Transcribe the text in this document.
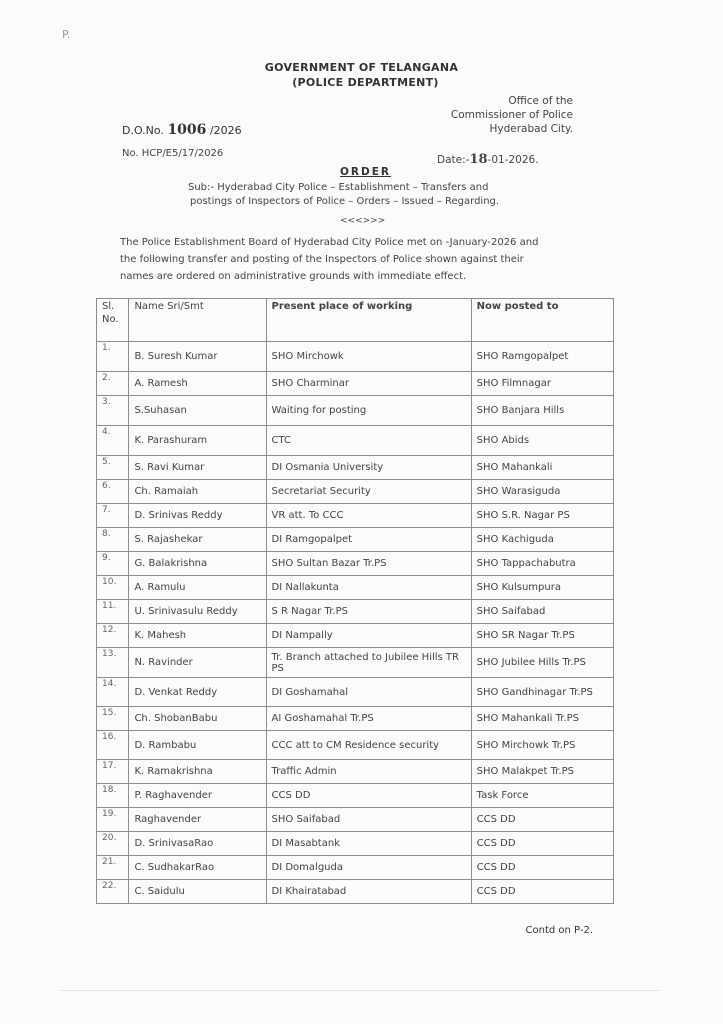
P.
GOVERNMENT OF TELANGANA
(POLICE DEPARTMENT)
Office of the
Commissioner of Police
Hyderabad City.
D.O.No. 1006 /2026
No. HCP/E5/17/2026
Date:-18-01-2026.
ORDER
Sub:- Hyderabad City Police – Establishment – Transfers and
postings of Inspectors of Police – Orders – Issued – Regarding.
<<<>>>
The Police Establishment Board of Hyderabad City Police met on -January-2026 and
the following transfer and posting of the Inspectors of Police shown against their
names are ordered on administrative grounds with immediate effect.
Sl. No.	Name Sri/Smt	Present place of working	Now posted to
1.	B. Suresh Kumar	SHO Mirchowk	SHO Ramgopalpet
2.	A. Ramesh	SHO Charminar	SHO Filmnagar
3.	S.Suhasan	Waiting for posting	SHO Banjara Hills
4.	K. Parashuram	CTC	SHO Abids
5.	S. Ravi Kumar	DI Osmania University	SHO Mahankali
6.	Ch. Ramaiah	Secretariat Security	SHO Warasiguda
7.	D. Srinivas Reddy	VR att. To CCC	SHO S.R. Nagar PS
8.	S. Rajashekar	DI Ramgopalpet	SHO Kachiguda
9.	G. Balakrishna	SHO Sultan Bazar Tr.PS	SHO Tappachabutra
10.	A. Ramulu	DI Nallakunta	SHO Kulsumpura
11.	U. Srinivasulu Reddy	S R Nagar Tr.PS	SHO Saifabad
12.	K. Mahesh	DI Nampally	SHO SR Nagar Tr.PS
13.	N. Ravinder	Tr. Branch attached to Jubilee Hills TR PS	SHO Jubilee Hills Tr.PS
14.	D. Venkat Reddy	DI Goshamahal	SHO Gandhinagar Tr.PS
15.	Ch. ShobanBabu	AI Goshamahal Tr.PS	SHO Mahankali Tr.PS
16.	D. Rambabu	CCC att to CM Residence security	SHO Mirchowk Tr.PS
17.	K. Ramakrishna	Traffic Admin	SHO Malakpet Tr.PS
18.	P. Raghavender	CCS DD	Task Force
19.	Raghavender	SHO Saifabad	CCS DD
20.	D. SrinivasaRao	DI Masabtank	CCS DD
21.	C. SudhakarRao	DI Domalguda	CCS DD
22.	C. Saidulu	DI Khairatabad	CCS DD
Contd on P-2.
